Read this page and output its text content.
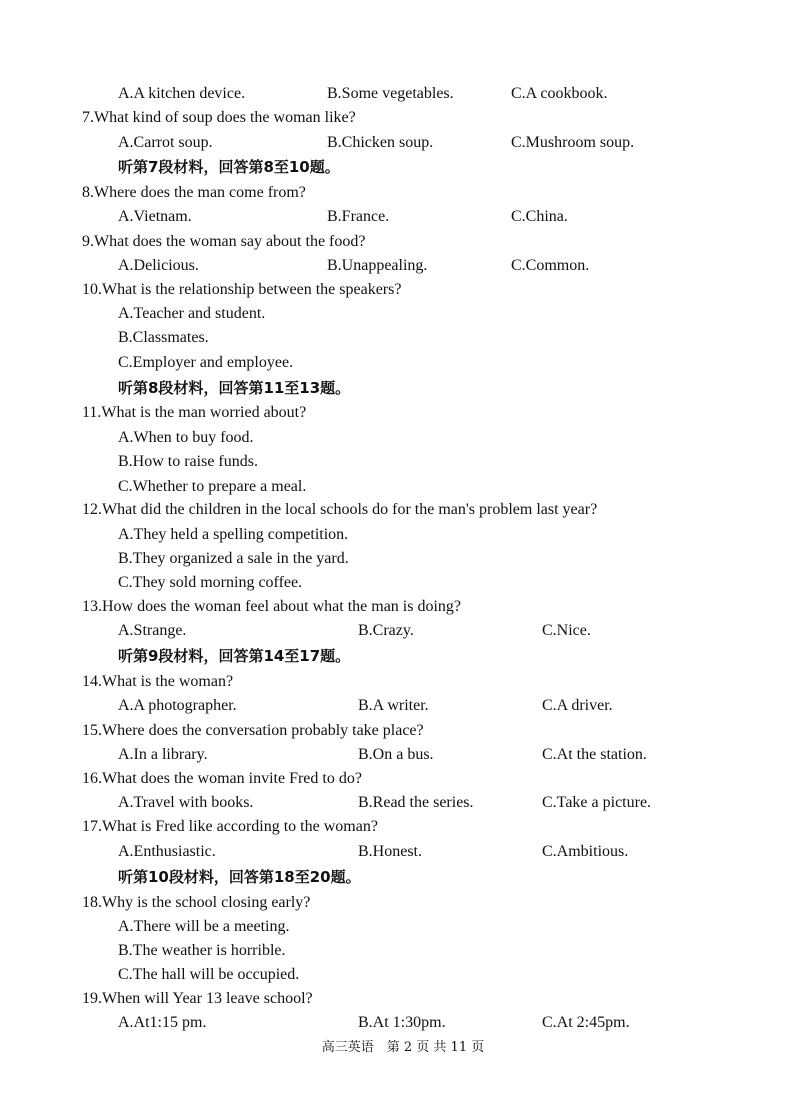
A.A kitchen device.	B.Some vegetables.	C.A cookbook.
7.What kind of soup does the woman like?
A.Carrot soup.	B.Chicken soup.	C.Mushroom soup.
听第7段材料，回答第8至10题。
8.Where does the man come from?
A.Vietnam.	B.France.	C.China.
9.What does the woman say about the food?
A.Delicious.	B.Unappealing.	C.Common.
10.What is the relationship between the speakers?
A.Teacher and student.
B.Classmates.
C.Employer and employee.
听第8段材料，回答第11至13题。
11.What is the man worried about?
A.When to buy food.
B.How to raise funds.
C.Whether to prepare a meal.
12.What did the children in the local schools do for the man's problem last year?
A.They held a spelling competition.
B.They organized a sale in the yard.
C.They sold morning coffee.
13.How does the woman feel about what the man is doing?
A.Strange.	B.Crazy.	C.Nice.
听第9段材料，回答第14至17题。
14.What is the woman?
A.A photographer.	B.A writer.	C.A driver.
15.Where does the conversation probably take place?
A.In a library.	B.On a bus.	C.At the station.
16.What does the woman invite Fred to do?
A.Travel with books.	B.Read the series.	C.Take a picture.
17.What is Fred like according to the woman?
A.Enthusiastic.	B.Honest.	C.Ambitious.
听第10段材料，回答第18至20题。
18.Why is the school closing early?
A.There will be a meeting.
B.The weather is horrible.
C.The hall will be occupied.
19.When will Year 13 leave school?
A.At1:15 pm.	B.At 1:30pm.	C.At 2:45pm.
高三英语　第 2 页 共 11 页
